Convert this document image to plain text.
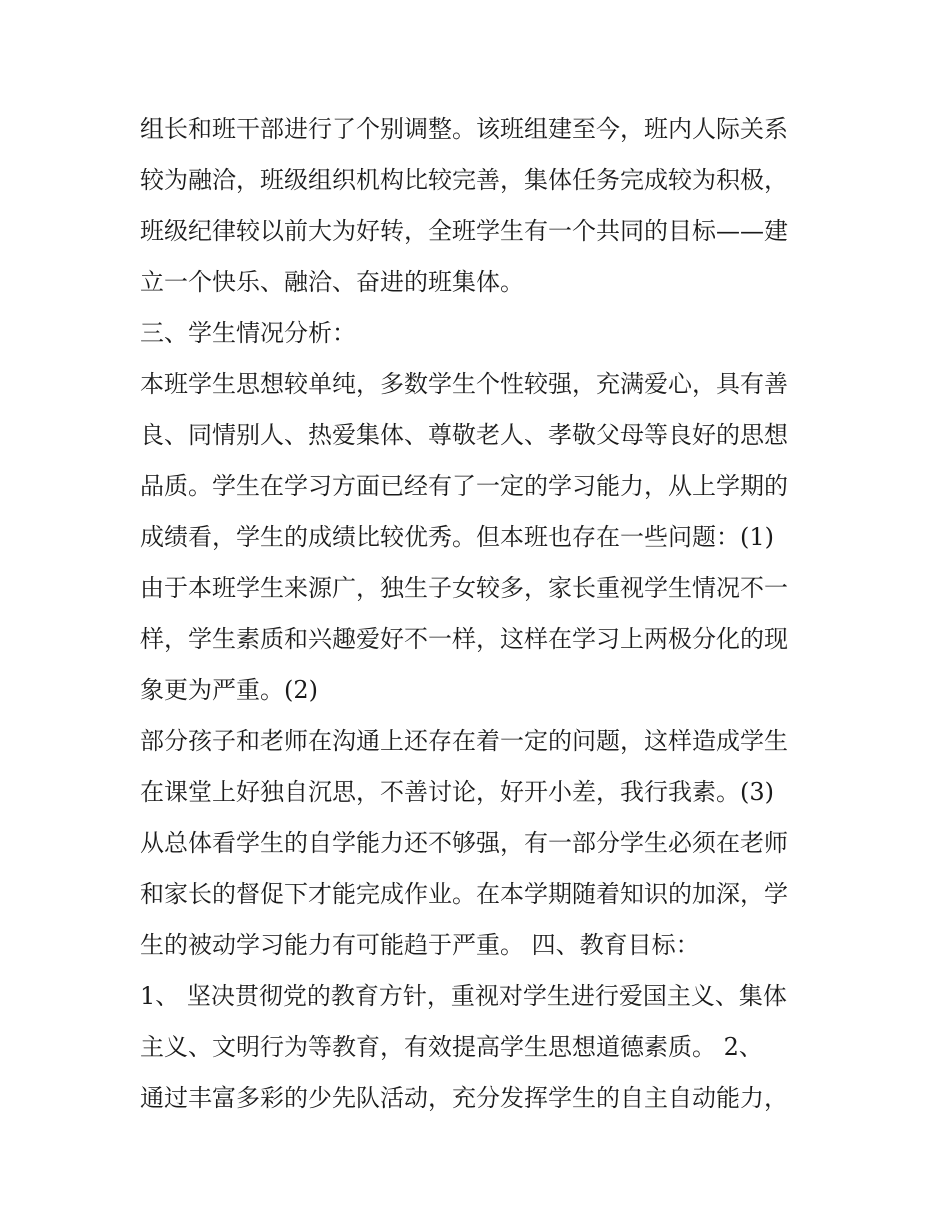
组长和班干部进行了个别调整。该班组建至今，班内人际关系
较为融洽，班级组织机构比较完善，集体任务完成较为积极，
班级纪律较以前大为好转，全班学生有一个共同的目标——建
立一个快乐、融洽、奋进的班集体。
三、学生情况分析：
本班学生思想较单纯，多数学生个性较强，充满爱心，具有善
良、同情别人、热爱集体、尊敬老人、孝敬父母等良好的思想
品质。学生在学习方面已经有了一定的学习能力，从上学期的
成绩看，学生的成绩比较优秀。但本班也存在一些问题：(1)
由于本班学生来源广，独生子女较多，家长重视学生情况不一
样，学生素质和兴趣爱好不一样，这样在学习上两极分化的现
象更为严重。(2)
部分孩子和老师在沟通上还存在着一定的问题，这样造成学生
在课堂上好独自沉思，不善讨论，好开小差，我行我素。(3)
从总体看学生的自学能力还不够强，有一部分学生必须在老师
和家长的督促下才能完成作业。在本学期随着知识的加深，学
生的被动学习能力有可能趋于严重。 四、教育目标：
1、 坚决贯彻党的教育方针，重视对学生进行爱国主义、集体
主义、文明行为等教育，有效提高学生思想道德素质。 2、
通过丰富多彩的少先队活动，充分发挥学生的自主自动能力，
